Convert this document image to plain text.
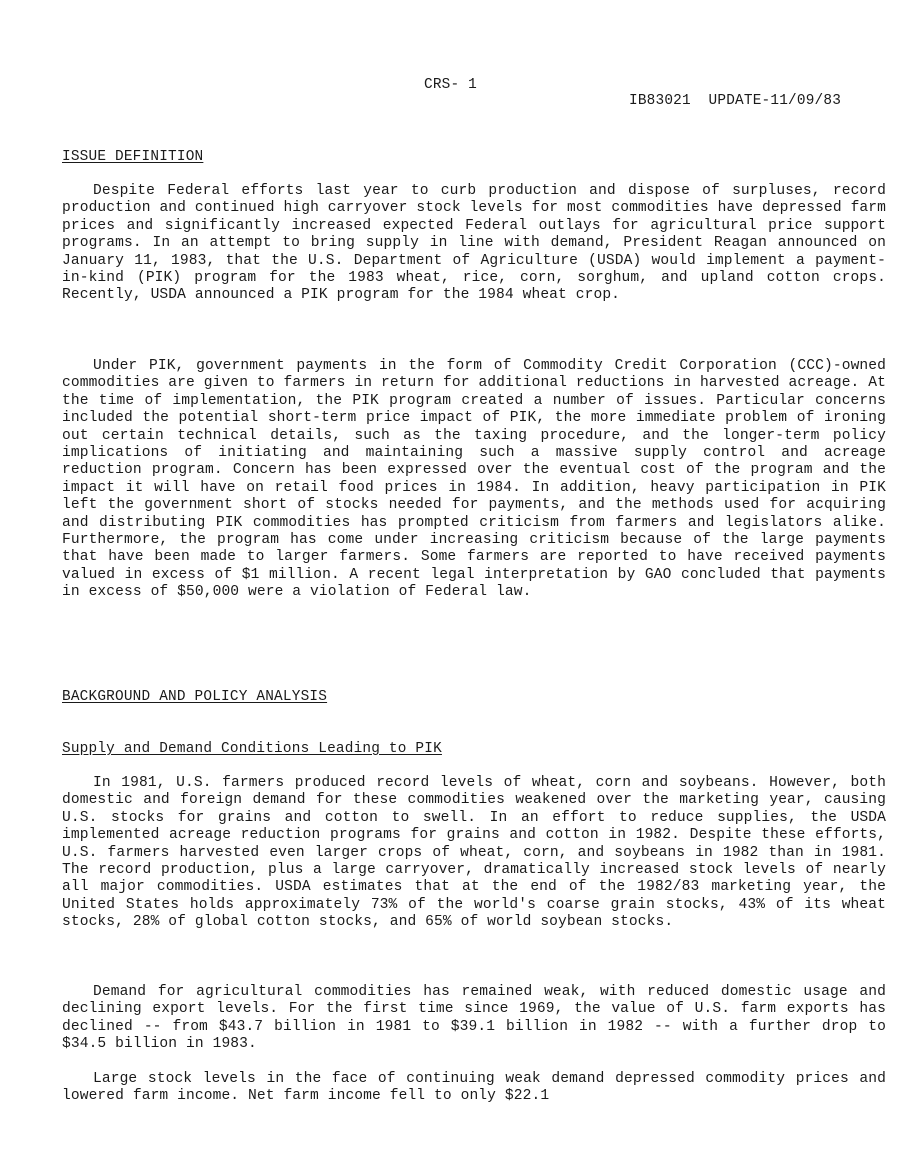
CRS- 1

IB83021  UPDATE-11/09/83

ISSUE DEFINITION

Despite Federal efforts last year to curb production and dispose of surpluses, record production and continued high carryover stock levels for most commodities have depressed farm prices and significantly increased expected Federal outlays for agricultural price support programs. In an attempt to bring supply in line with demand, President Reagan announced on January 11, 1983, that the U.S. Department of Agriculture (USDA) would implement a payment-in-kind (PIK) program for the 1983 wheat, rice, corn, sorghum, and upland cotton crops. Recently, USDA announced a PIK program for the 1984 wheat crop.

Under PIK, government payments in the form of Commodity Credit Corporation (CCC)-owned commodities are given to farmers in return for additional reductions in harvested acreage. At the time of implementation, the PIK program created a number of issues. Particular concerns included the potential short-term price impact of PIK, the more immediate problem of ironing out certain technical details, such as the taxing procedure, and the longer-term policy implications of initiating and maintaining such a massive supply control and acreage reduction program. Concern has been expressed over the eventual cost of the program and the impact it will have on retail food prices in 1984. In addition, heavy participation in PIK left the government short of stocks needed for payments, and the methods used for acquiring and distributing PIK commodities has prompted criticism from farmers and legislators alike. Furthermore, the program has come under increasing criticism because of the large payments that have been made to larger farmers. Some farmers are reported to have received payments valued in excess of $1 million. A recent legal interpretation by GAO concluded that payments in excess of $50,000 were a violation of Federal law.

BACKGROUND AND POLICY ANALYSIS
Supply and Demand Conditions Leading to PIK

In 1981, U.S. farmers produced record levels of wheat, corn and soybeans. However, both domestic and foreign demand for these commodities weakened over the marketing year, causing U.S. stocks for grains and cotton to swell. In an effort to reduce supplies, the USDA implemented acreage reduction programs for grains and cotton in 1982. Despite these efforts, U.S. farmers harvested even larger crops of wheat, corn, and soybeans in 1982 than in 1981. The record production, plus a large carryover, dramatically increased stock levels of nearly all major commodities. USDA estimates that at the end of the 1982/83 marketing year, the United States holds approximately 73% of the world's coarse grain stocks, 43% of its wheat stocks, 28% of global cotton stocks, and 65% of world soybean stocks.

Demand for agricultural commodities has remained weak, with reduced domestic usage and declining export levels. For the first time since 1969, the value of U.S. farm exports has declined -- from $43.7 billion in 1981 to $39.1 billion in 1982 -- with a further drop to $34.5 billion in 1983.

Large stock levels in the face of continuing weak demand depressed commodity prices and lowered farm income. Net farm income fell to only $22.1
